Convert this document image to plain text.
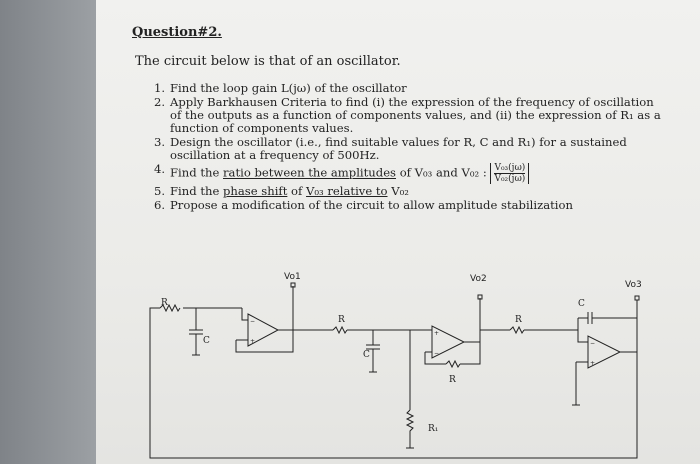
Question#2.
The circuit below is that of an oscillator.
1. Find the loop gain L(jω) of the oscillator
2. Apply Barkhausen Criteria to find (i) the expression of the frequency of oscillation of the outputs as a function of components values, and (ii) the expression of R₁ as a function of components values.
3. Design the oscillator (i.e., find suitable values for R, C and R₁) for a sustained oscillation at a frequency of 500Hz.
4. Find the ratio between the amplitudes of V₀₃ and V₀₂ : $\frac{\text{V₀₃(jω)}}{\text{V₀₂(jω)}}$
5. Find the phase shift of V₀₃ relative to V₀₂
6. Propose a modification of the circuit to allow amplitude stabilization
Vo1	Vo2
Vo3
R
C
R
C
R
R
C
R₁
−
+
+
−
−
+
